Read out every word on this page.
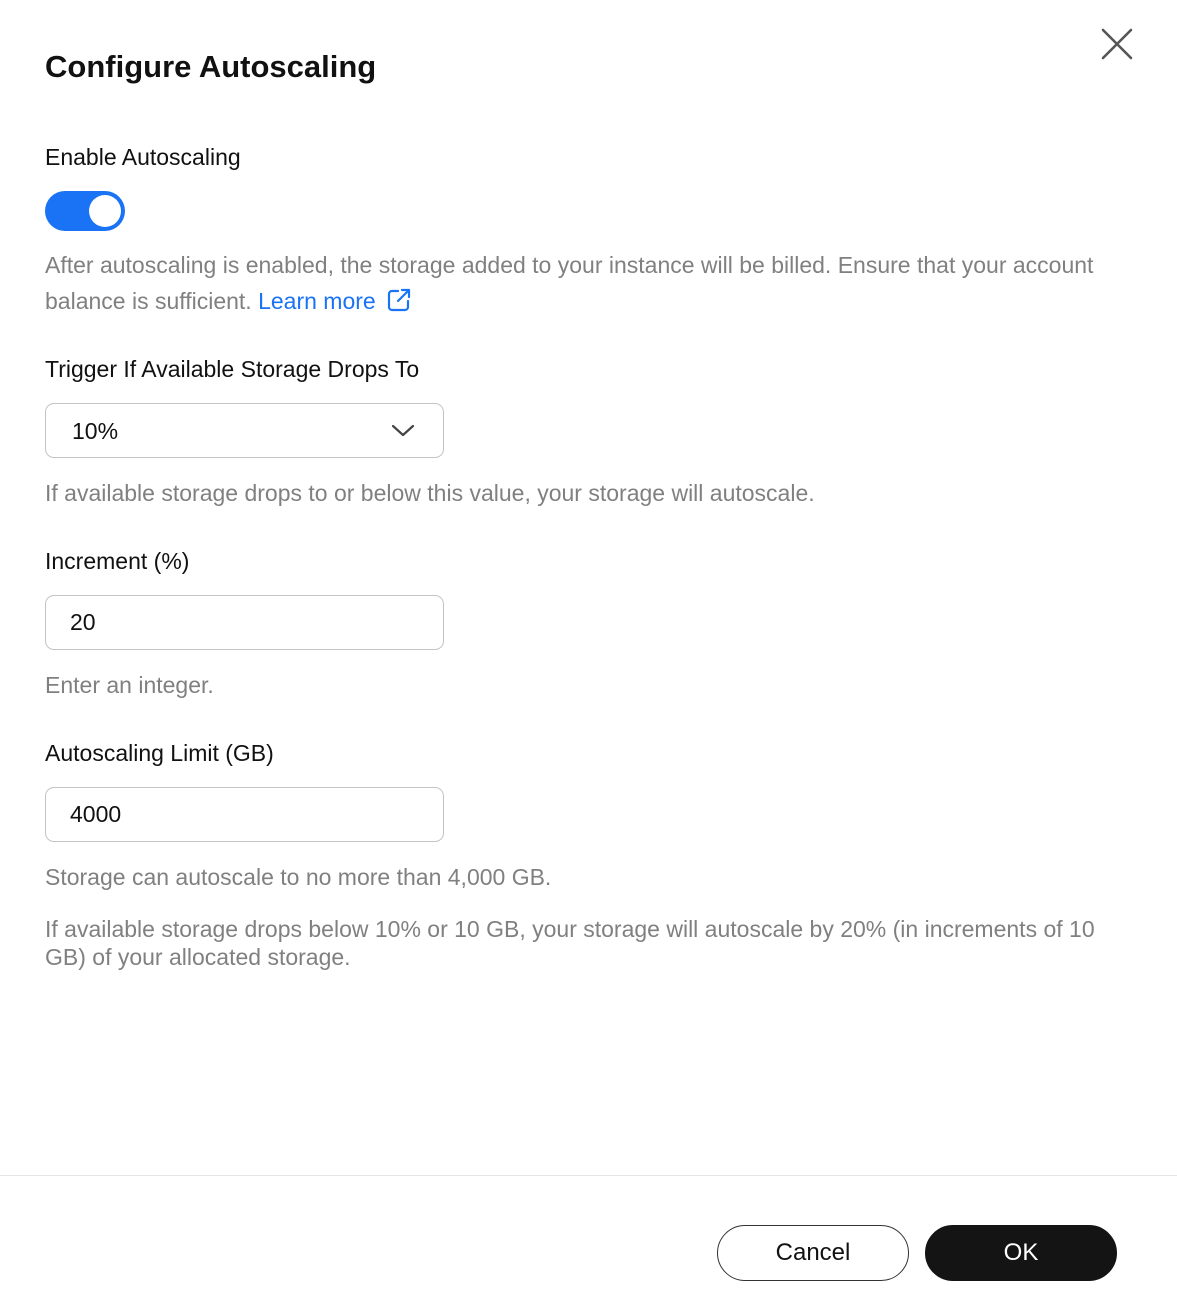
Configure Autoscaling
Enable Autoscaling
After autoscaling is enabled, the storage added to your instance will be billed. Ensure that your account balance is sufficient. Learn more
Trigger If Available Storage Drops To
10%
If available storage drops to or below this value, your storage will autoscale.
Increment (%)
20
Enter an integer.
Autoscaling Limit (GB)
4000
Storage can autoscale to no more than 4,000 GB.
If available storage drops below 10% or 10 GB, your storage will autoscale by 20% (in increments of 10 GB) of your allocated storage.
Cancel	OK
